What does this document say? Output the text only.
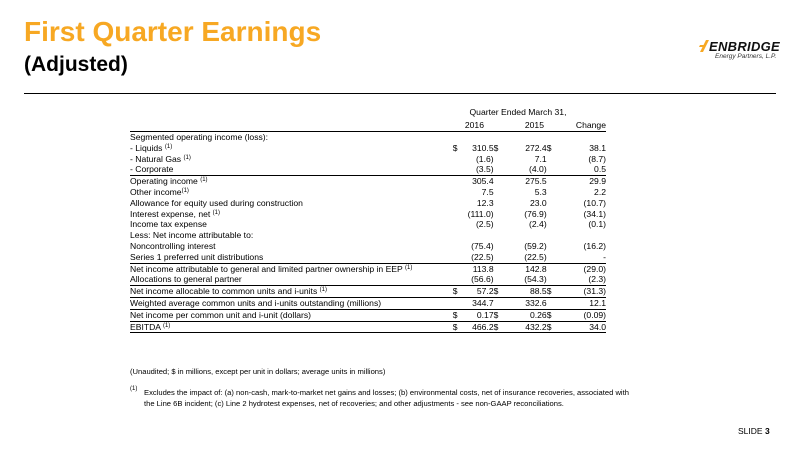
First Quarter Earnings
(Adjusted)
ENBRIDGE
Energy Partners, L.P.
Quarter Ended March 31,
2016	2015	Change
Segmented operating income (loss):						
- Liquids $^{(1)}$	$	310.5	$	272.4	$	38.1
- Natural Gas $^{(1)}$		(1.6)		7.1		(8.7)
- Corporate		(3.5)		(4.0)		0.5
Operating income $^{(1)}$		305.4		275.5		29.9
Other income$^{(1)}$		7.5		5.3		2.2
Allowance for equity used during construction		12.3		23.0		(10.7)
Interest expense, net $^{(1)}$		(111.0)		(76.9)		(34.1)
Income tax expense		(2.5)		(2.4)		(0.1)
Less: Net income attributable to:						
Noncontrolling interest		(75.4)		(59.2)		(16.2)
Series 1 preferred unit distributions		(22.5)		(22.5)		-
Net income attributable to general and limited partner ownership in EEP $^{(1)}$		113.8		142.8		(29.0)
Allocations to general partner		(56.6)		(54.3)		(2.3)
Net income allocable to common units and i-units $^{(1)}$	$	57.2	$	88.5	$	(31.3)
Weighted average common units and i-units outstanding (millions)		344.7		332.6		12.1
Net income per common unit and i-unit (dollars)	$	0.17	$	0.26	$	(0.09)
EBITDA $^{(1)}$	$	466.2	$	432.2	$	34.0
(Unaudited; $ in millions, except per unit in dollars; average units in millions)
(1) Excludes the impact of: (a) non-cash, mark-to-market net gains and losses; (b) environmental costs, net of insurance recoveries, associated with the Line 6B incident; (c) Line 2 hydrotest expenses, net of recoveries; and other adjustments - see non-GAAP reconciliations.
SLIDE 3
